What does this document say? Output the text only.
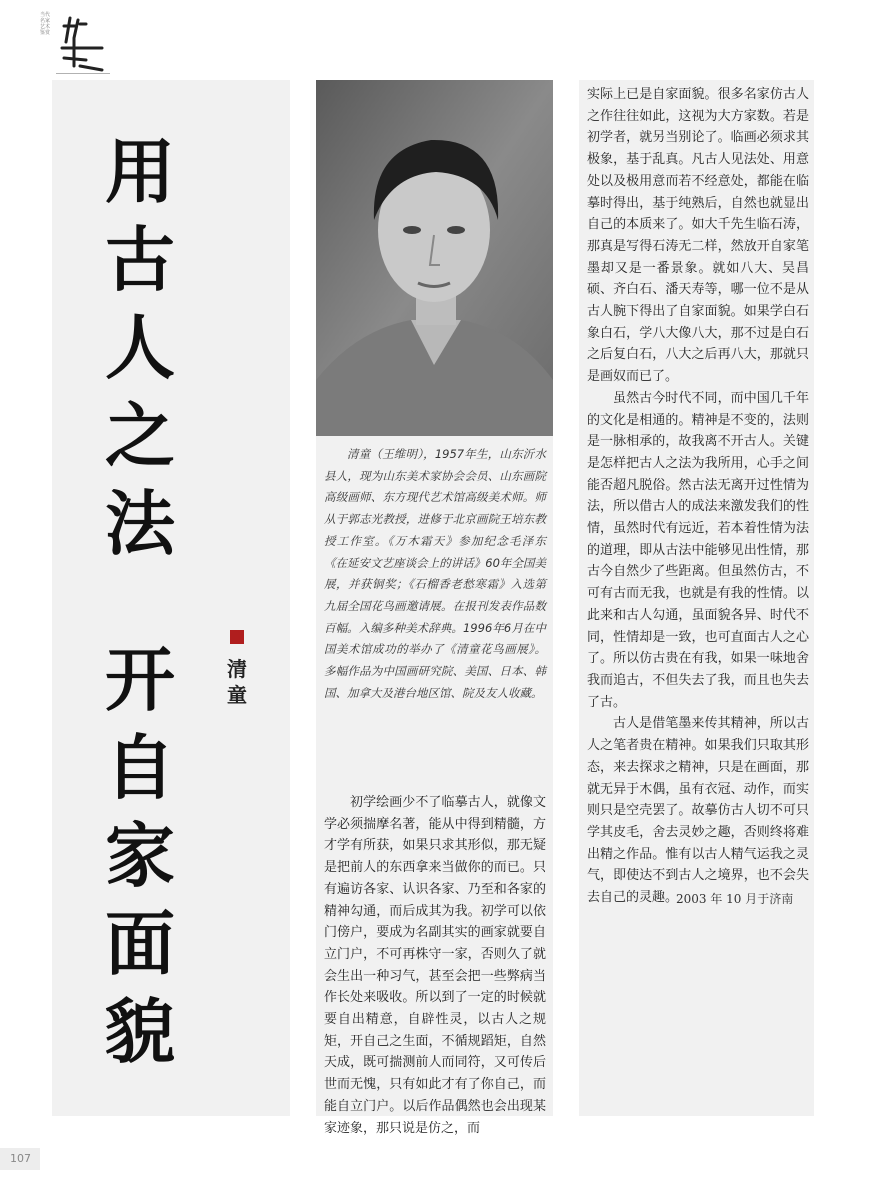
当代名家艺术鉴赏
用
古
人
之
法
开
自
家
面
貌
清
童
清童（王维明），1957年生，山东沂水县人，现为山东美术家协会会员、山东画院高级画师、东方现代艺术馆高级美术师。师从于郭志光教授，进修于北京画院王培东教授工作室。《万木霜天》参加纪念毛泽东《在延安文艺座谈会上的讲话》60年全国美展，并获铜奖；《石榴香老愁寒霜》入选第九届全国花鸟画邀请展。在报刊发表作品数百幅。入编多种美术辞典。1996年6月在中国美术馆成功的举办了《清童花鸟画展》。多幅作品为中国画研究院、美国、日本、韩国、加拿大及港台地区馆、院及友人收藏。
初学绘画少不了临摹古人，就像文学必须揣摩名著，能从中得到精髓，方才学有所获，如果只求其形似，那无疑是把前人的东西拿来当做你的而已。只有遍访各家、认识各家、乃至和各家的精神勾通，而后成其为我。初学可以依门傍户，要成为名副其实的画家就要自立门户，不可再株守一家，否则久了就会生出一种习气，甚至会把一些弊病当作长处来吸收。所以到了一定的时候就要自出精意，自辟性灵，以古人之规矩，开自己之生面，不循规蹈矩，自然天成，既可揣测前人而同符，又可传后世而无愧，只有如此才有了你自己，而能自立门户。以后作品偶然也会出现某家迹象，那只说是仿之，而

实际上已是自家面貌。很多名家仿古人之作往往如此，这视为大方家数。若是初学者，就另当别论了。临画必须求其极象，基于乱真。凡古人见法处、用意处以及极用意而若不经意处，都能在临摹时得出，基于纯熟后，自然也就显出自己的本质来了。如大千先生临石涛，那真是写得石涛无二样，然放开自家笔墨却又是一番景象。就如八大、吴昌硕、齐白石、潘天寿等，哪一位不是从古人腕下得出了自家面貌。如果学白石象白石，学八大像八大，那不过是白石之后复白石，八大之后再八大，那就只是画奴而已了。

虽然古今时代不同，而中国几千年的文化是相通的。精神是不变的，法则是一脉相承的，故我离不开古人。关键是怎样把古人之法为我所用，心手之间能否超凡脱俗。然古法无离开过性情为法，所以借古人的成法来激发我们的性情，虽然时代有远近，若本着性情为法的道理，即从古法中能够见出性情，那古今自然少了些距离。但虽然仿古，不可有古而无我，也就是有我的性情。以此来和古人勾通，虽面貌各异、时代不同，性情却是一致，也可直面古人之心了。所以仿古贵在有我，如果一味地舍我而追古，不但失去了我，而且也失去了古。

古人是借笔墨来传其精神，所以古人之笔者贵在精神。如果我们只取其形态，来去探求之精神，只是在画面，那就无异于木偶，虽有衣冠、动作，而实则只是空壳罢了。故摹仿古人切不可只学其皮毛，舍去灵妙之趣，否则终将难出精之作品。惟有以古人精气运我之灵气，即使达不到古人之境界，也不会失去自己的灵趣。

2003 年 10 月于济南
107
